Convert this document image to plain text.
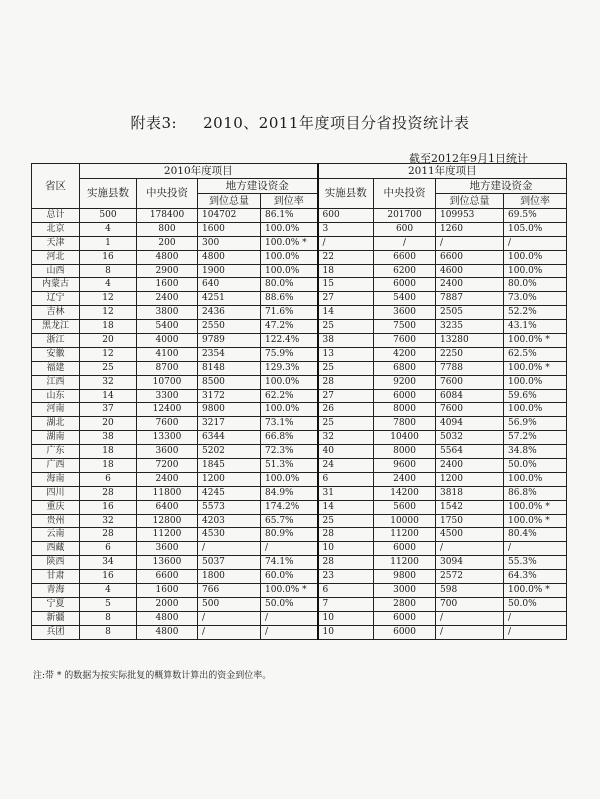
附表3: 2010、2011年度项目分省投资统计表
截至2012年9月1日统计
省区	2010年度项目				2011年度项目			
	实施县数	中央投资	地方建设资金		实施县数	中央投资	地方建设资金	
			到位总量	到位率			到位总量	到位率
总计	500	178400	104702	86.1%	600	201700	109953	69.5%
北京	4	800	1600	100.0%	3	600	1260	105.0%
天津	1	200	300	100.0% *	/	/	/	/
河北	16	4800	4800	100.0%	22	6600	6600	100.0%
山西	8	2900	1900	100.0%	18	6200	4600	100.0%
内蒙古	4	1600	640	80.0%	15	6000	2400	80.0%
辽宁	12	2400	4251	88.6%	27	5400	7887	73.0%
吉林	12	3800	2436	71.6%	14	3600	2505	52.2%
黑龙江	18	5400	2550	47.2%	25	7500	3235	43.1%
浙江	20	4000	9789	122.4%	38	7600	13280	100.0% *
安徽	12	4100	2354	75.9%	13	4200	2250	62.5%
福建	25	8700	8148	129.3%	25	6800	7788	100.0% *
江西	32	10700	8500	100.0%	28	9200	7600	100.0%
山东	14	3300	3172	62.2%	27	6000	6084	59.6%
河南	37	12400	9800	100.0%	26	8000	7600	100.0%
湖北	20	7600	3217	73.1%	25	7800	4094	56.9%
湖南	38	13300	6344	66.8%	32	10400	5032	57.2%
广东	18	3600	5202	72.3%	40	8000	5564	34.8%
广西	18	7200	1845	51.3%	24	9600	2400	50.0%
海南	6	2400	1200	100.0%	6	2400	1200	100.0%
四川	28	11800	4245	84.9%	31	14200	3818	86.8%
重庆	16	6400	5573	174.2%	14	5600	1542	100.0% *
贵州	32	12800	4203	65.7%	25	10000	1750	100.0% *
云南	28	11200	4530	80.9%	28	11200	4500	80.4%
西藏	6	3600	/	/	10	6000	/	/
陕西	34	13600	5037	74.1%	28	11200	3094	55.3%
甘肃	16	6600	1800	60.0%	23	9800	2572	64.3%
青海	4	1600	766	100.0% *	6	3000	598	100.0% *
宁夏	5	2000	500	50.0%	7	2800	700	50.0%
新疆	8	4800	/	/	10	6000	/	/
兵团	8	4800	/	/	10	6000	/	/
注:带 * 的数据为按实际批复的概算数计算出的资金到位率。
